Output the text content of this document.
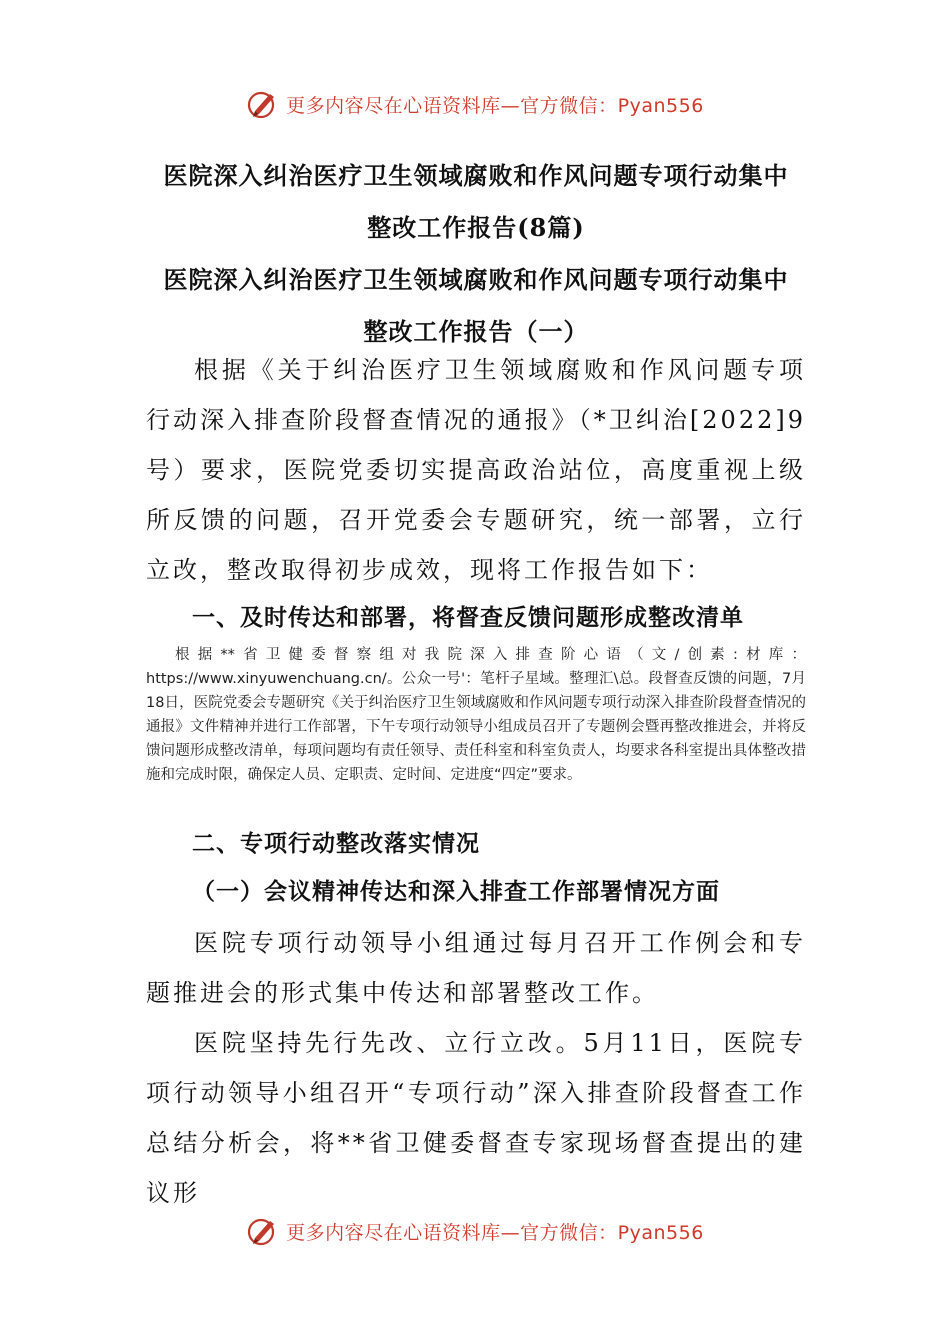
更多内容尽在心语资料库—官方微信：Pyan556

医院深入纠治医疗卫生领域腐败和作风问题专项行动集中

整改工作报告(8篇)

医院深入纠治医疗卫生领域腐败和作风问题专项行动集中

整改工作报告（一）

根据《关于纠治医疗卫生领域腐败和作风问题专项行动深入排查阶段督查情况的通报》（*卫纠治[2022]9号）要求，医院党委切实提高政治站位，高度重视上级所反馈的问题，召开党委会专题研究，统一部署，立行立改，整改取得初步成效，现将工作报告如下：

一、及时传达和部署，将督查反馈问题形成整改清单

根据**省卫健委督察组对我院深入排查阶心语（文/创素:材库：https://www.xinyuwenchuang.cn/。公众一号'：笔杆子星域。整理汇\总。段督查反馈的问题，7月18日，医院党委会专题研究《关于纠治医疗卫生领域腐败和作风问题专项行动深入排查阶段督查情况的通报》文件精神并进行工作部署，下午专项行动领导小组成员召开了专题例会暨再整改推进会，并将反馈问题形成整改清单，每项问题均有责任领导、责任科室和科室负责人，均要求各科室提出具体整改措施和完成时限，确保定人员、定职责、定时间、定进度“四定”要求。

二、专项行动整改落实情况

（一）会议精神传达和深入排查工作部署情况方面

医院专项行动领导小组通过每月召开工作例会和专题推进会的形式集中传达和部署整改工作。

医院坚持先行先改、立行立改。5月11日，医院专项行动领导小组召开“专项行动”深入排查阶段督查工作总结分析会，将**省卫健委督查专家现场督查提出的建议形

更多内容尽在心语资料库—官方微信：Pyan556
